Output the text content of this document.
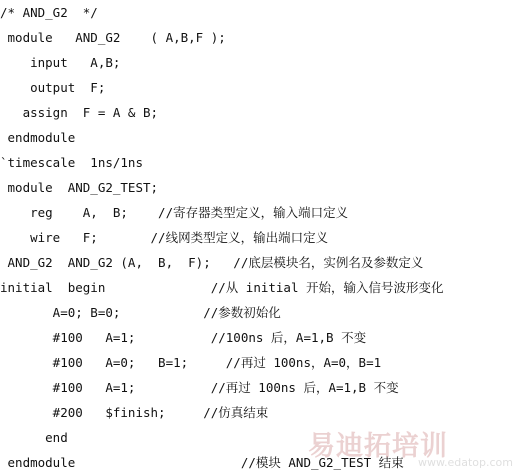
/* AND_G2  */
module   AND_G2    ( A,B,F );
input   A,B;
output  F;
assign  F = A & B;
endmodule
`timescale  1ns/1ns
module  AND_G2_TEST;
reg    A,  B;    //寄存器类型定义，输入端口定义
wire   F;       //线网类型定义，输出端口定义
AND_G2  AND_G2 (A,  B,  F);   //底层模块名，实例名及参数定义
initial  begin              //从 initial 开始，输入信号波形变化
A=0; B=0;           //参数初始化
#100   A=1;          //100ns 后，A=1,B 不变
#100   A=0;   B=1;     //再过 100ns，A=0，B=1
#100   A=1;          //再过 100ns 后，A=1,B 不变
#200   $finish;     //仿真结束
end
endmodule                      //模块 AND_G2_TEST 结束
易迪拓培训
www.edatop.com
